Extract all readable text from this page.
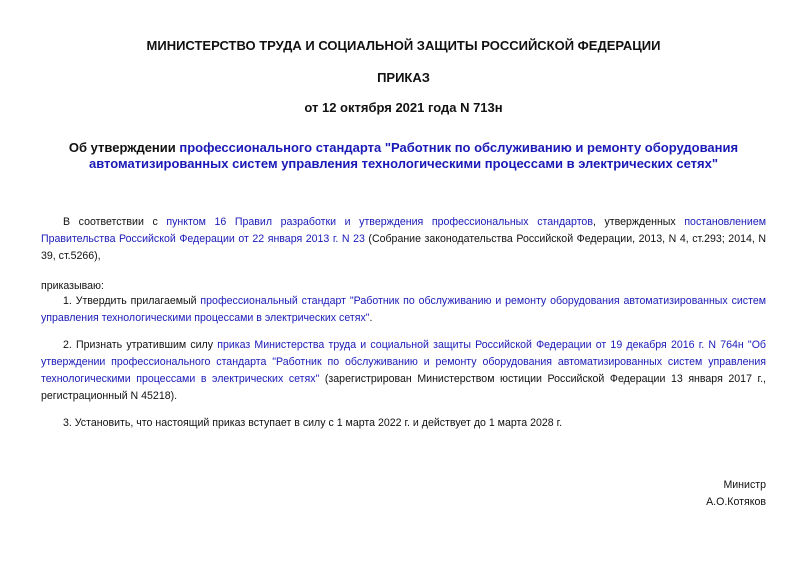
МИНИСТЕРСТВО ТРУДА И СОЦИАЛЬНОЙ ЗАЩИТЫ РОССИЙСКОЙ ФЕДЕРАЦИИ
ПРИКАЗ
от 12 октября 2021 года N 713н
Об утверждении профессионального стандарта "Работник по обслуживанию и ремонту оборудования автоматизированных систем управления технологическими процессами в электрических сетях"
В соответствии с пунктом 16 Правил разработки и утверждения профессиональных стандартов, утвержденных постановлением Правительства Российской Федерации от 22 января 2013 г. N 23 (Собрание законодательства Российской Федерации, 2013, N 4, ст.293; 2014, N 39, ст.5266),
приказываю:
1. Утвердить прилагаемый профессиональный стандарт "Работник по обслуживанию и ремонту оборудования автоматизированных систем управления технологическими процессами в электрических сетях".
2. Признать утратившим силу приказ Министерства труда и социальной защиты Российской Федерации от 19 декабря 2016 г. N 764н "Об утверждении профессионального стандарта "Работник по обслуживанию и ремонту оборудования автоматизированных систем управления технологическими процессами в электрических сетях" (зарегистрирован Министерством юстиции Российской Федерации 13 января 2017 г., регистрационный N 45218).
3. Установить, что настоящий приказ вступает в силу с 1 марта 2022 г. и действует до 1 марта 2028 г.
Министр
А.О.Котяков
